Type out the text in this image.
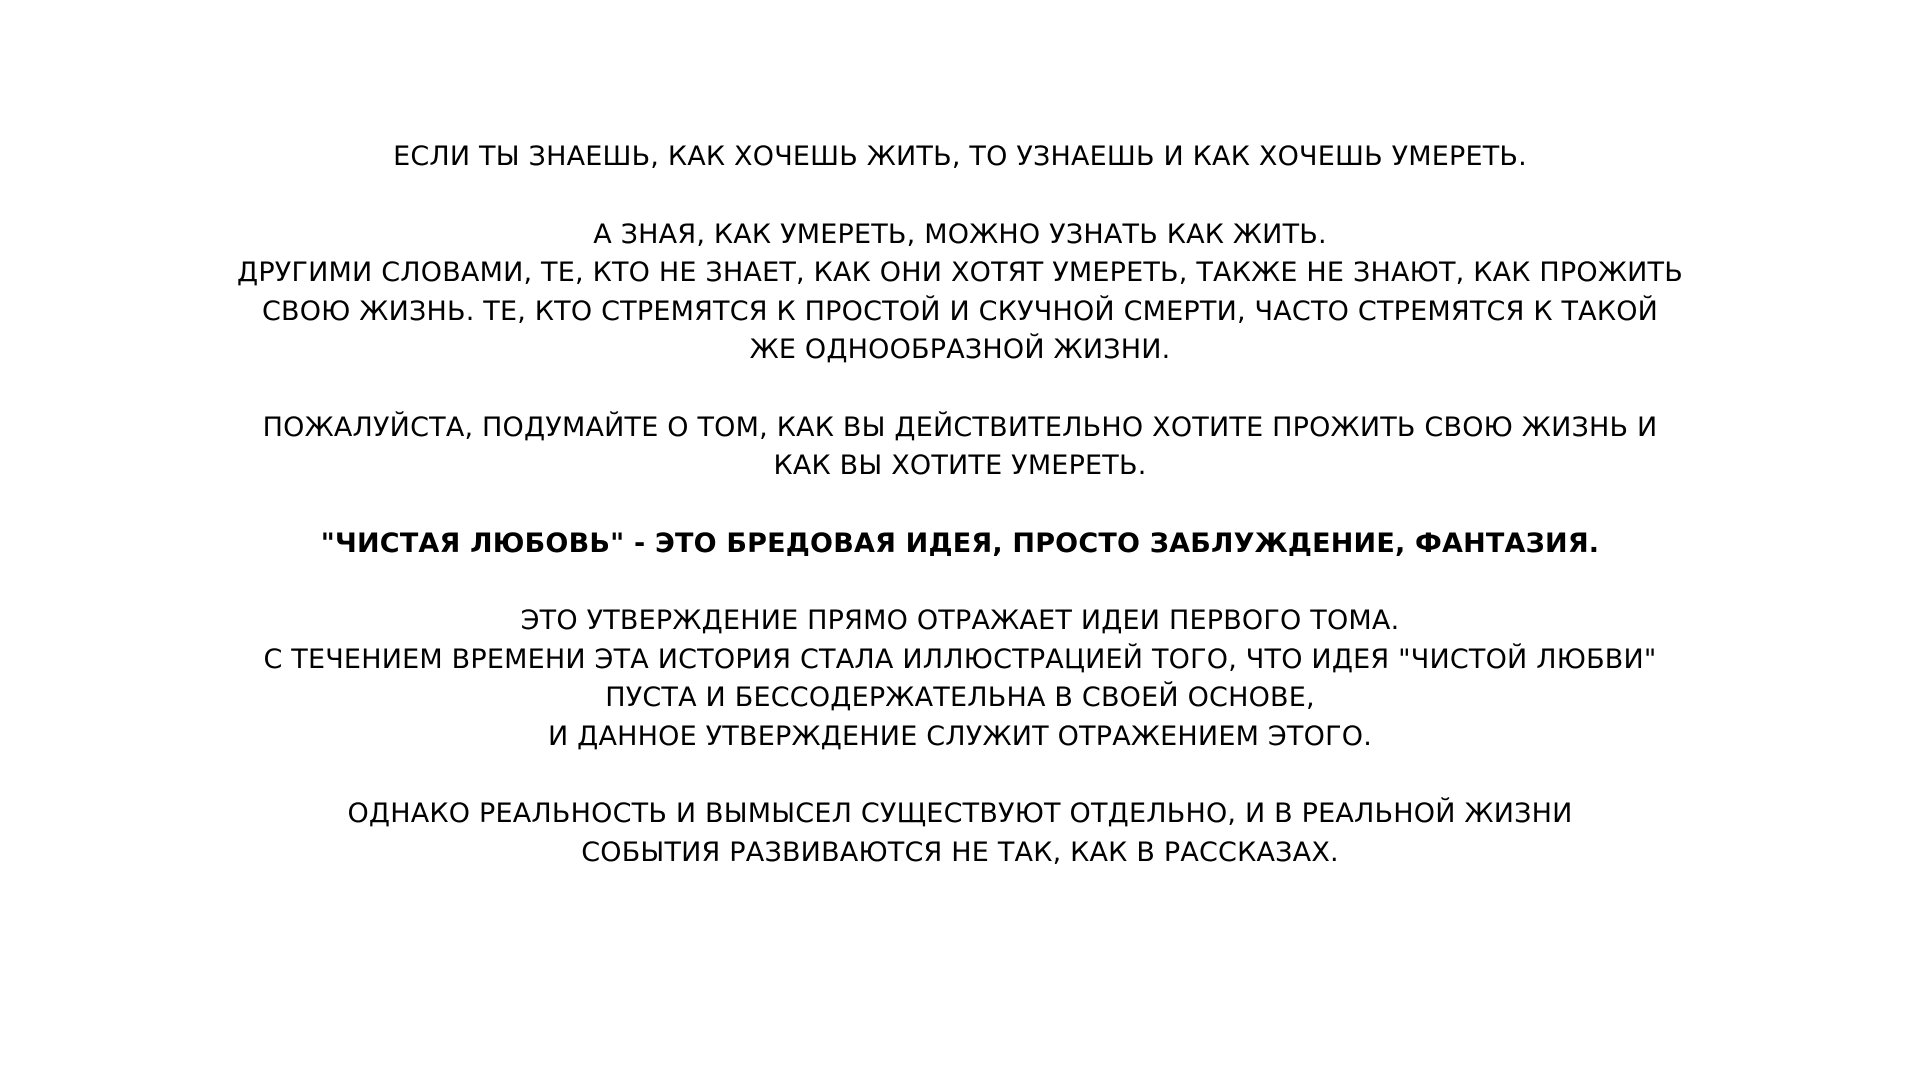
ЕСЛИ ТЫ ЗНАЕШЬ, КАК ХОЧЕШЬ ЖИТЬ, ТО УЗНАЕШЬ И КАК ХОЧЕШЬ УМЕРЕТЬ.
А ЗНАЯ, КАК УМЕРЕТЬ, МОЖНО УЗНАТЬ КАК ЖИТЬ.
ДРУГИМИ СЛОВАМИ, ТЕ, КТО НЕ ЗНАЕТ, КАК ОНИ ХОТЯТ УМЕРЕТЬ, ТАКЖЕ НЕ ЗНАЮТ, КАК ПРОЖИТЬ
СВОЮ ЖИЗНЬ. ТЕ, КТО СТРЕМЯТСЯ К ПРОСТОЙ И СКУЧНОЙ СМЕРТИ, ЧАСТО СТРЕМЯТСЯ К ТАКОЙ
ЖЕ ОДНООБРАЗНОЙ ЖИЗНИ.
ПОЖАЛУЙСТА, ПОДУМАЙТЕ О ТОМ, КАК ВЫ ДЕЙСТВИТЕЛЬНО ХОТИТЕ ПРОЖИТЬ СВОЮ ЖИЗНЬ И
КАК ВЫ ХОТИТЕ УМЕРЕТЬ.
"ЧИСТАЯ ЛЮБОВЬ" - ЭТО БРЕДОВАЯ ИДЕЯ, ПРОСТО ЗАБЛУЖДЕНИЕ, ФАНТАЗИЯ.
ЭТО УТВЕРЖДЕНИЕ ПРЯМО ОТРАЖАЕТ ИДЕИ ПЕРВОГО ТОМА.
С ТЕЧЕНИЕМ ВРЕМЕНИ ЭТА ИСТОРИЯ СТАЛА ИЛЛЮСТРАЦИЕЙ ТОГО, ЧТО ИДЕЯ "ЧИСТОЙ ЛЮБВИ"
ПУСТА И БЕССОДЕРЖАТЕЛЬНА В СВОЕЙ ОСНОВЕ,
И ДАННОЕ УТВЕРЖДЕНИЕ СЛУЖИТ ОТРАЖЕНИЕМ ЭТОГО.
ОДНАКО РЕАЛЬНОСТЬ И ВЫМЫСЕЛ СУЩЕСТВУЮТ ОТДЕЛЬНО, И В РЕАЛЬНОЙ ЖИЗНИ
СОБЫТИЯ РАЗВИВАЮТСЯ НЕ ТАК, КАК В РАССКАЗАХ.
